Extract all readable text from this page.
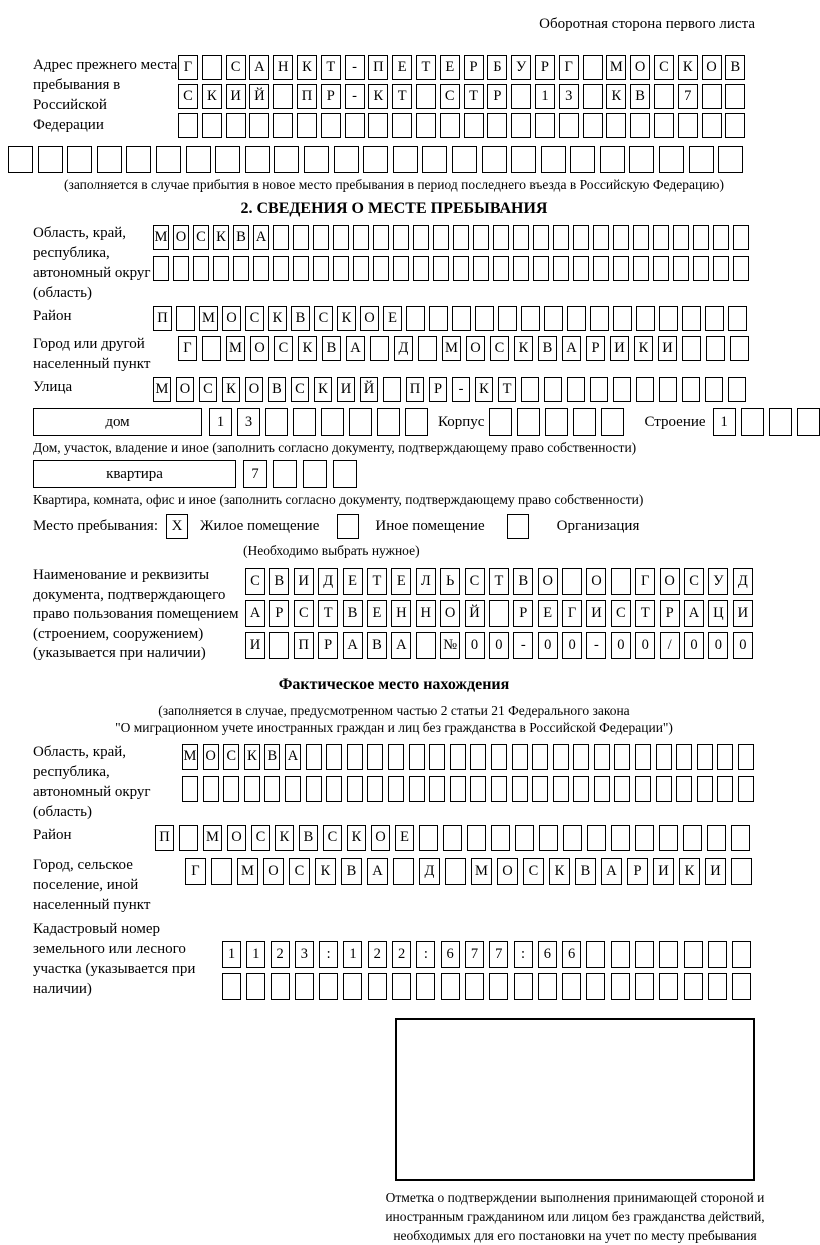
Оборотная сторона первого листа
Адрес прежнего места пребывания в Российской Федерации
Г	С А Н К	Т	-	П Е	Т	Е	Р	Б	У	Р	Г	М О С К О В
С К И Й	П	Р	-	К	Т	С	Т	Р	1	3	К В	7
(заполняется в случае прибытия в новое место пребывания в период последнего въезда в Российскую Федерацию)
2. СВЕДЕНИЯ О МЕСТЕ ПРЕБЫВАНИЯ
Область, край, республика, автономный округ (область)
М О С К В А
Район	П М О С К В С К О Е
Город или другой населенный пункт
Г	М О С К В А	Д	М О С К В А	Р	И К И
Улица	М О С К О В С К И Й П Р	-	К Т
дом	1	3	Корпус	Строение	1
Дом, участок, владение и иное (заполнить согласно документу, подтверждающему право собственности)
квартира	7
Квартира, комната, офис и иное (заполнить согласно документу, подтверждающему право собственности)
Место пребывания: X	Жилое помещение	Иное помещение	Организация
(Необходимо выбрать нужное)
Наименование и реквизиты документа, подтверждающего право пользования помещением (строением, сооружением) (указывается при наличии)
С	В И Д	Е	Т	Е	Л	Ь	С	Т	В О	О	Г	О С У Д
А	Р	С	Т	В	Е	Н Н О Й	Р	Е	Г	И С	Т	Р	А Ц И
И	П	Р	А В А	№ 0	0	-	0	0	-	0	0	/	0	0	0
Фактическое место нахождения
(заполняется в случае, предусмотренном частью 2 статьи 21 Федерального закона
"О миграционном учете иностранных граждан и лиц без гражданства в Российской Федерации")
Область, край, республика, автономный округ (область)
М О С К В А
Район	П	М О С К В С К О Е
Город, сельское поселение, иной населенный пункт
Г	М О	С	К	В	А	Д	М О	С	К	В	А	Р	И	К	И
Кадастровый номер земельного или лесного участка (указывается при наличии)
1	1	2	3	:	1	2	2	:	6	7	7	:	6	6
Отметка о подтверждении выполнения принимающей стороной и иностранным гражданином или лицом без гражданства действий, необходимых для его постановки на учет по месту пребывания
